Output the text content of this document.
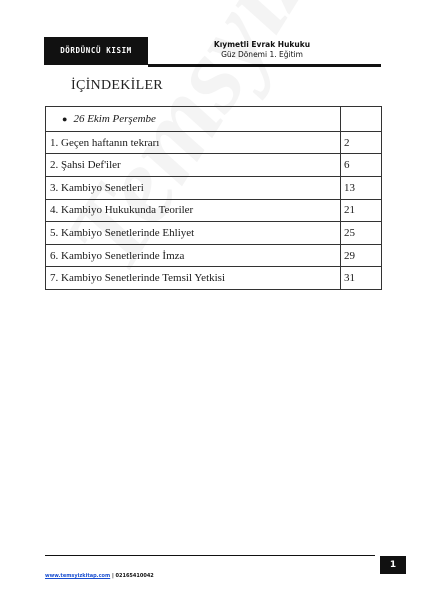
DÖRDÜNCÜ KISIM
Kıymetli Evrak Hukuku
Güz Dönemi 1. Eğitim
İÇİNDEKİLER
● 26 Ekim Perşembe	
1. Geçen haftanın tekrarı	2
2. Şahsi Def'iler	6
3. Kambiyo Senetleri	13
4. Kambiyo Hukukunda Teoriler	21
5. Kambiyo Senetlerinde Ehliyet	25
6. Kambiyo Senetlerinde İmza	29
7. Kambiyo Senetlerinde Temsil Yetkisi	31
1
www.temsyizkitap.com | 02165410042
